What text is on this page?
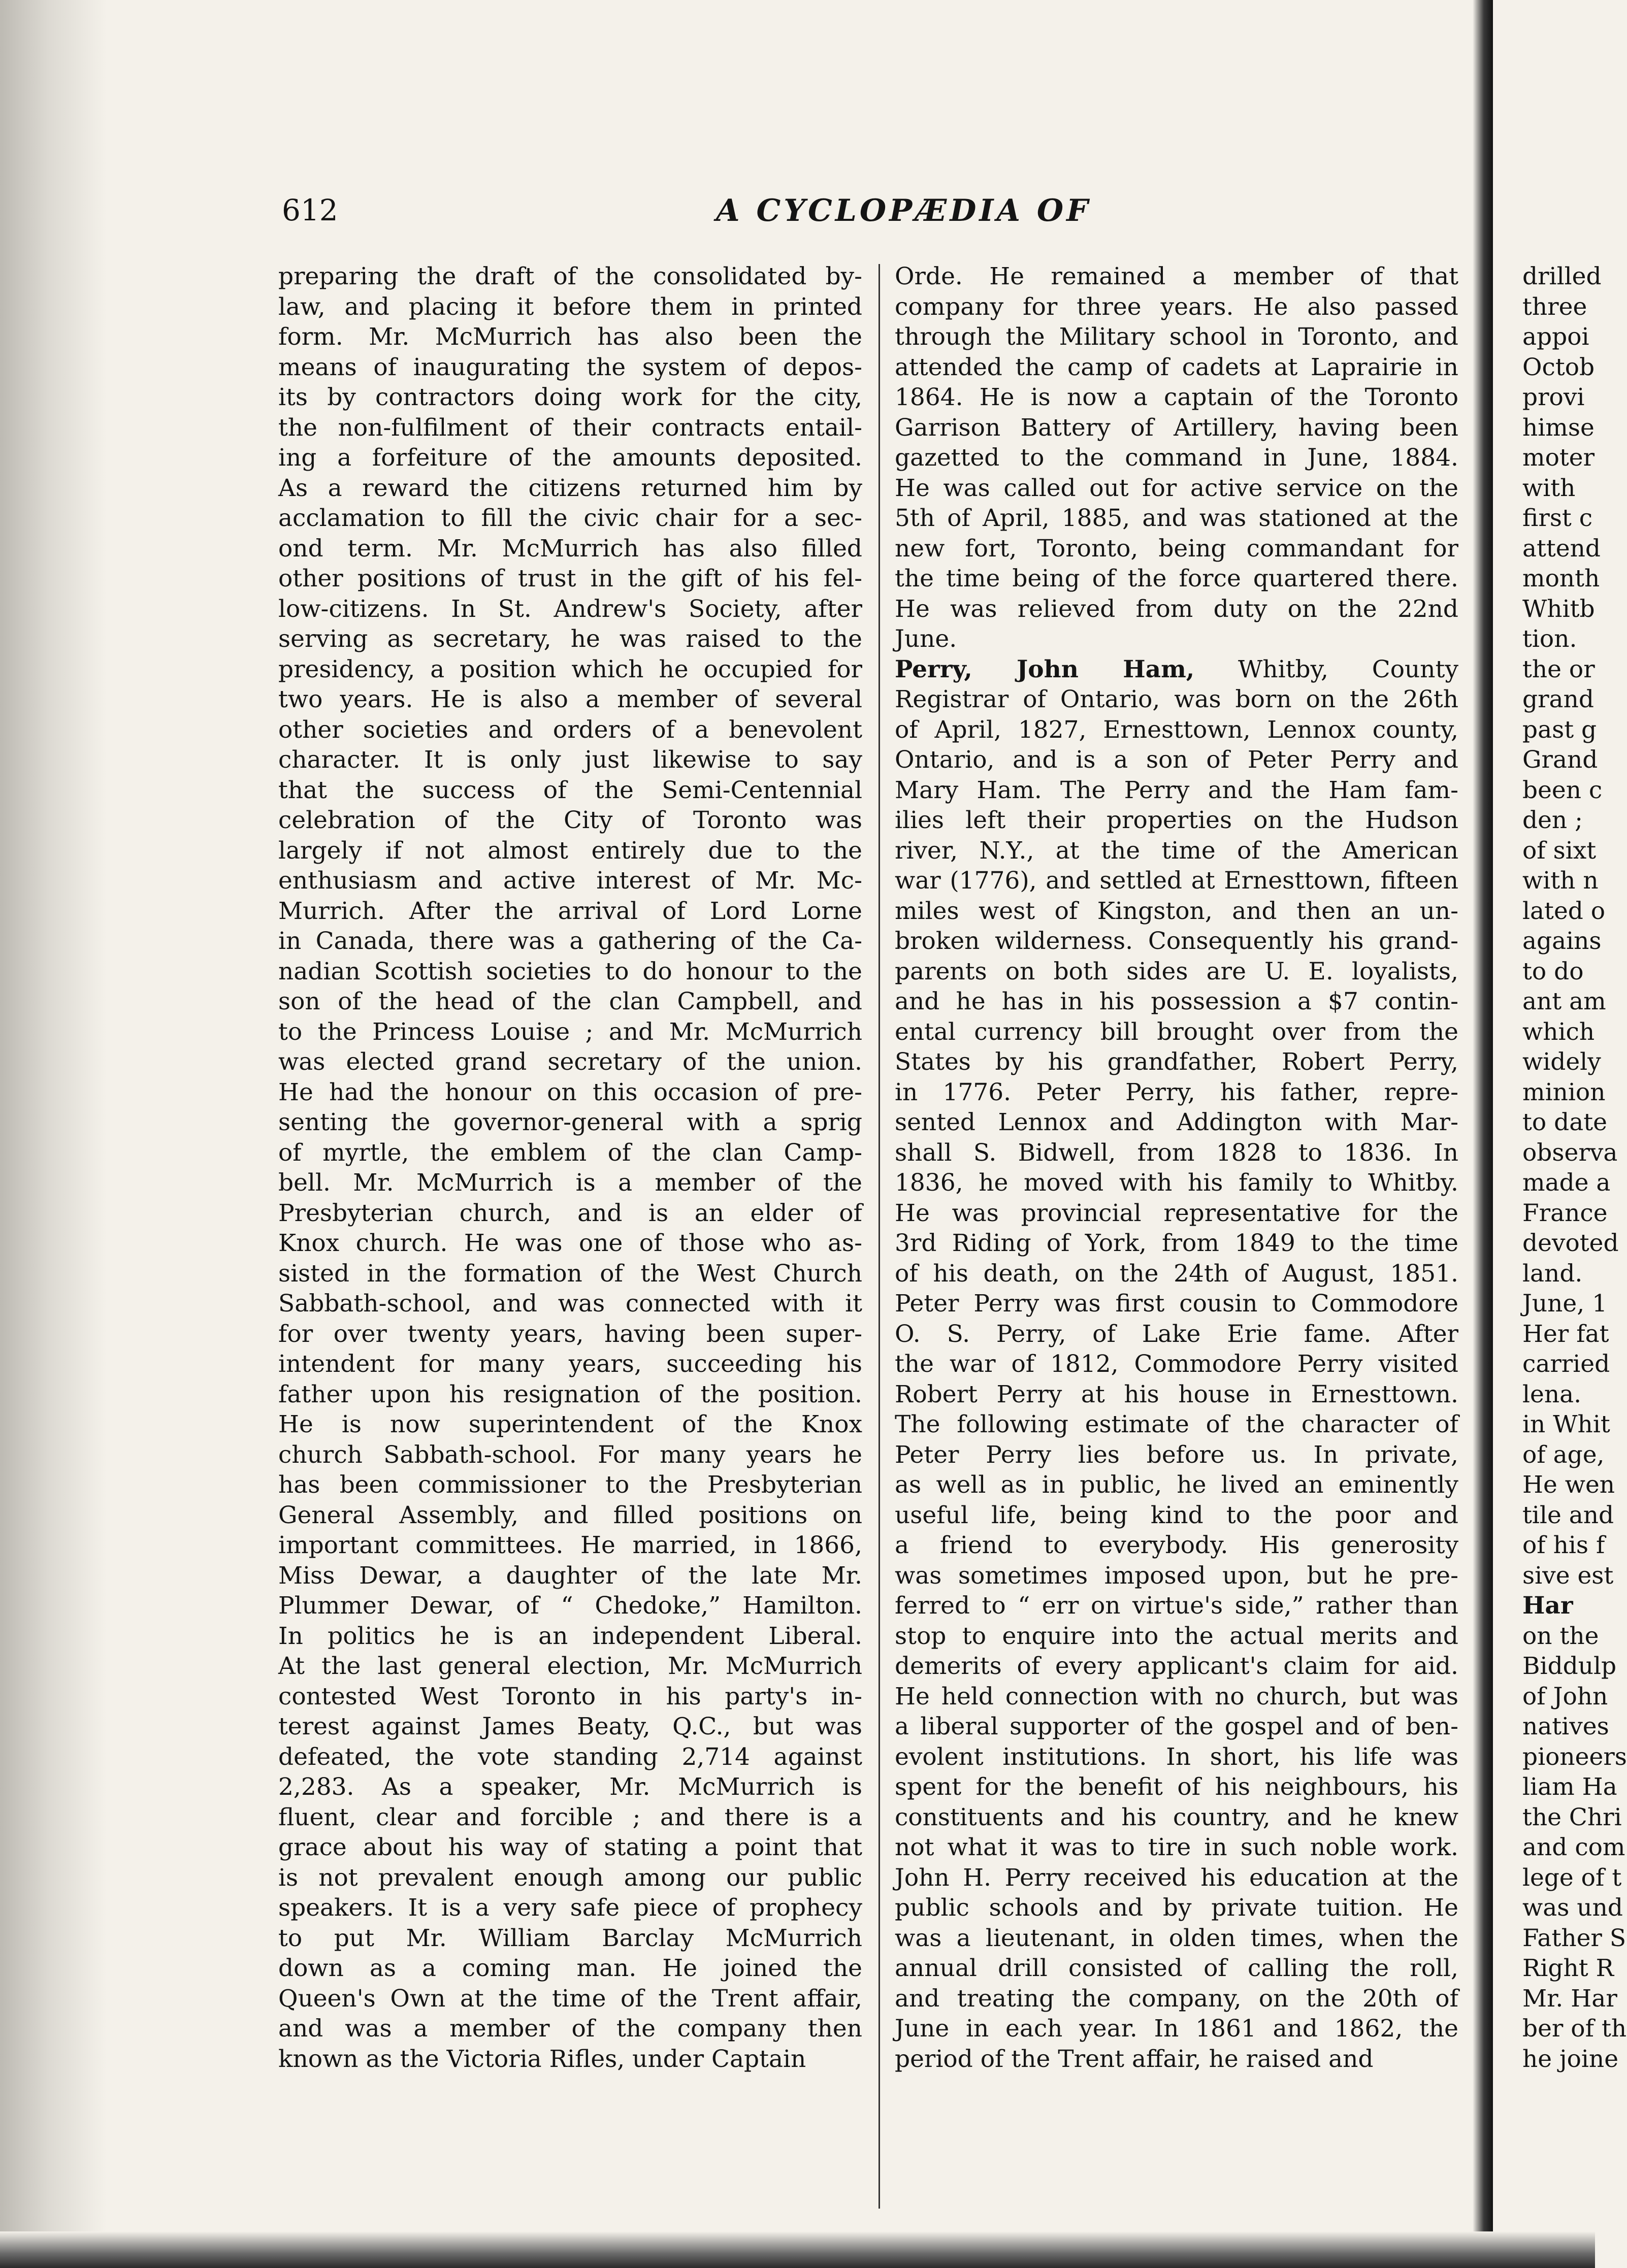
612	A CYCLOPÆDIA OF
preparing the draft of the consolidated by-
law, and placing it before them in printed
form. Mr. McMurrich has also been the
means of inaugurating the system of depos-
its by contractors doing work for the city,
the non-fulfilment of their contracts entail-
ing a forfeiture of the amounts deposited.
As a reward the citizens returned him by
acclamation to fill the civic chair for a sec-
ond term. Mr. McMurrich has also filled
other positions of trust in the gift of his fel-
low-citizens. In St. Andrew's Society, after
serving as secretary, he was raised to the
presidency, a position which he occupied for
two years. He is also a member of several
other societies and orders of a benevolent
character. It is only just likewise to say
that the success of the Semi-Centennial
celebration of the City of Toronto was
largely if not almost entirely due to the
enthusiasm and active interest of Mr. Mc-
Murrich. After the arrival of Lord Lorne
in Canada, there was a gathering of the Ca-
nadian Scottish societies to do honour to the
son of the head of the clan Campbell, and
to the Princess Louise ; and Mr. McMurrich
was elected grand secretary of the union.
He had the honour on this occasion of pre-
senting the governor-general with a sprig
of myrtle, the emblem of the clan Camp-
bell. Mr. McMurrich is a member of the
Presbyterian church, and is an elder of
Knox church. He was one of those who as-
sisted in the formation of the West Church
Sabbath-school, and was connected with it
for over twenty years, having been super-
intendent for many years, succeeding his
father upon his resignation of the position.
He is now superintendent of the Knox
church Sabbath-school. For many years he
has been commissioner to the Presbyterian
General Assembly, and filled positions on
important committees. He married, in 1866,
Miss Dewar, a daughter of the late Mr.
Plummer Dewar, of “ Chedoke,” Hamilton.
In politics he is an independent Liberal.
At the last general election, Mr. McMurrich
contested West Toronto in his party's in-
terest against James Beaty, Q.C., but was
defeated, the vote standing 2,714 against
2,283. As a speaker, Mr. McMurrich is
fluent, clear and forcible ; and there is a
grace about his way of stating a point that
is not prevalent enough among our public
speakers. It is a very safe piece of prophecy
to put Mr. William Barclay McMurrich
down as a coming man. He joined the
Queen's Own at the time of the Trent affair,
and was a member of the company then
known as the Victoria Rifles, under Captain
Orde. He remained a member of that
company for three years. He also passed
through the Military school in Toronto, and
attended the camp of cadets at Laprairie in
1864. He is now a captain of the Toronto
Garrison Battery of Artillery, having been
gazetted to the command in June, 1884.
He was called out for active service on the
5th of April, 1885, and was stationed at the
new fort, Toronto, being commandant for
the time being of the force quartered there.
He was relieved from duty on the 22nd
June.
Perry, John Ham, Whitby, County
Registrar of Ontario, was born on the 26th
of April, 1827, Ernesttown, Lennox county,
Ontario, and is a son of Peter Perry and
Mary Ham. The Perry and the Ham fam-
ilies left their properties on the Hudson
river, N.Y., at the time of the American
war (1776), and settled at Ernesttown, fifteen
miles west of Kingston, and then an un-
broken wilderness. Consequently his grand-
parents on both sides are U. E. loyalists,
and he has in his possession a $7 contin-
ental currency bill brought over from the
States by his grandfather, Robert Perry,
in 1776. Peter Perry, his father, repre-
sented Lennox and Addington with Mar-
shall S. Bidwell, from 1828 to 1836. In
1836, he moved with his family to Whitby.
He was provincial representative for the
3rd Riding of York, from 1849 to the time
of his death, on the 24th of August, 1851.
Peter Perry was first cousin to Commodore
O. S. Perry, of Lake Erie fame. After
the war of 1812, Commodore Perry visited
Robert Perry at his house in Ernesttown.
The following estimate of the character of
Peter Perry lies before us. In private,
as well as in public, he lived an eminently
useful life, being kind to the poor and
a friend to everybody. His generosity
was sometimes imposed upon, but he pre-
ferred to “ err on virtue's side,” rather than
stop to enquire into the actual merits and
demerits of every applicant's claim for aid.
He held connection with no church, but was
a liberal supporter of the gospel and of ben-
evolent institutions. In short, his life was
spent for the benefit of his neighbours, his
constituents and his country, and he knew
not what it was to tire in such noble work.
John H. Perry received his education at the
public schools and by private tuition. He
was a lieutenant, in olden times, when the
annual drill consisted of calling the roll,
and treating the company, on the 20th of
June in each year. In 1861 and 1862, the
period of the Trent affair, he raised and
drilled
three
appoi
Octob
provi
himse
moter
with
first c
attend
month
Whitb
tion.
the or
grand
past g
Grand
been c
den ;
of sixt
with n
lated o
agains
to do
ant am
which
widely
minion
to date
observa
made a
France
devoted
land.
June, 1
Her fat
carried
lena.
in Whit
of age,
He wen
tile and
of his f
sive est
Har
on the
Biddulp
of John
natives
pioneers
liam Ha
the Chri
and com
lege of t
was und
Father S
Right R
Mr. Har
ber of th
he joine
